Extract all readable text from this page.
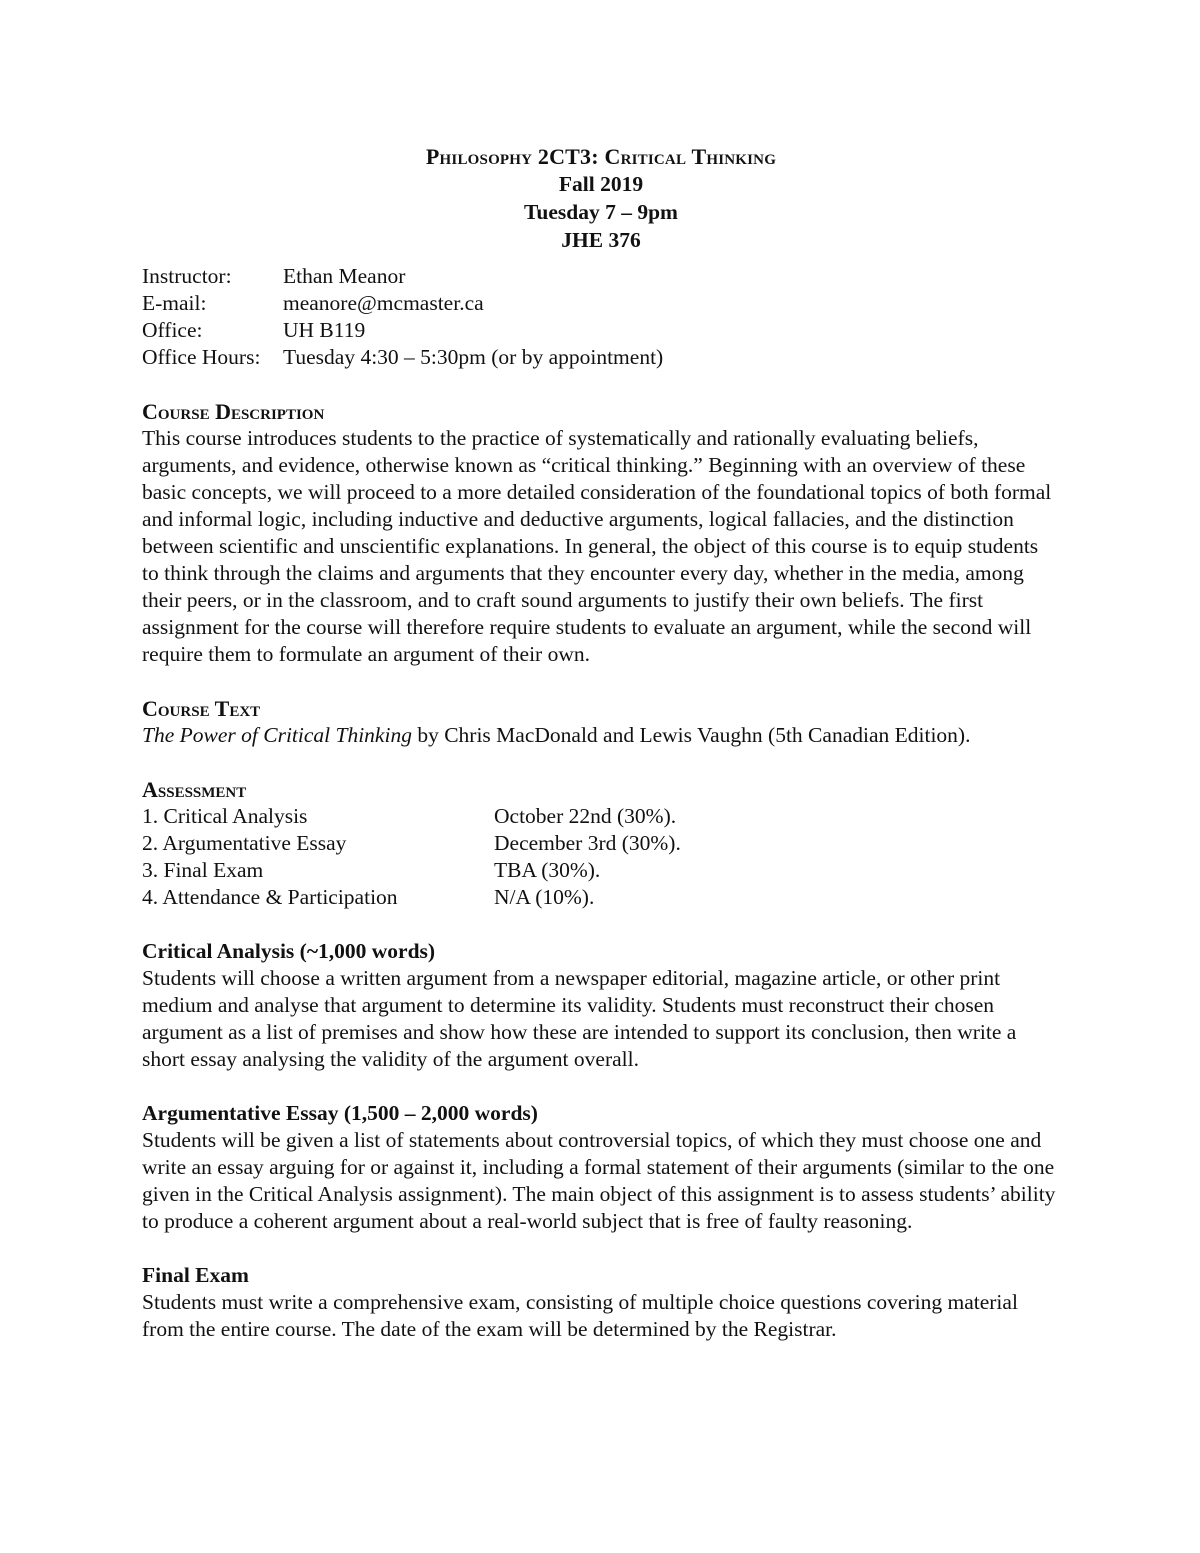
Philosophy 2CT3: Critical Thinking
Fall 2019
Tuesday 7 – 9pm
JHE 376
Instructor:	Ethan Meanor
E-mail:	meanore@mcmaster.ca
Office:	UH B119
Office Hours:	Tuesday 4:30 – 5:30pm (or by appointment)
Course Description

This course introduces students to the practice of systematically and rationally evaluating beliefs, arguments, and evidence, otherwise known as “critical thinking.” Beginning with an overview of these basic concepts, we will proceed to a more detailed consideration of the foundational topics of both formal and informal logic, including inductive and deductive arguments, logical fallacies, and the distinction between scientific and unscientific explanations. In general, the object of this course is to equip students to think through the claims and arguments that they encounter every day, whether in the media, among their peers, or in the classroom, and to craft sound arguments to justify their own beliefs. The first assignment for the course will therefore require students to evaluate an argument, while the second will require them to formulate an argument of their own.

Course Text

The Power of Critical Thinking by Chris MacDonald and Lewis Vaughn (5th Canadian Edition).

Assessment
1. Critical Analysis	October 22nd (30%).
2. Argumentative Essay	December 3rd (30%).
3. Final Exam	TBA (30%).
4. Attendance & Participation	N/A (10%).
Critical Analysis (~1,000 words)

Students will choose a written argument from a newspaper editorial, magazine article, or other print medium and analyse that argument to determine its validity. Students must reconstruct their chosen argument as a list of premises and show how these are intended to support its conclusion, then write a short essay analysing the validity of the argument overall.

Argumentative Essay (1,500 – 2,000 words)

Students will be given a list of statements about controversial topics, of which they must choose one and write an essay arguing for or against it, including a formal statement of their arguments (similar to the one given in the Critical Analysis assignment). The main object of this assignment is to assess students’ ability to produce a coherent argument about a real-world subject that is free of faulty reasoning.

Final Exam

Students must write a comprehensive exam, consisting of multiple choice questions covering material from the entire course. The date of the exam will be determined by the Registrar.
